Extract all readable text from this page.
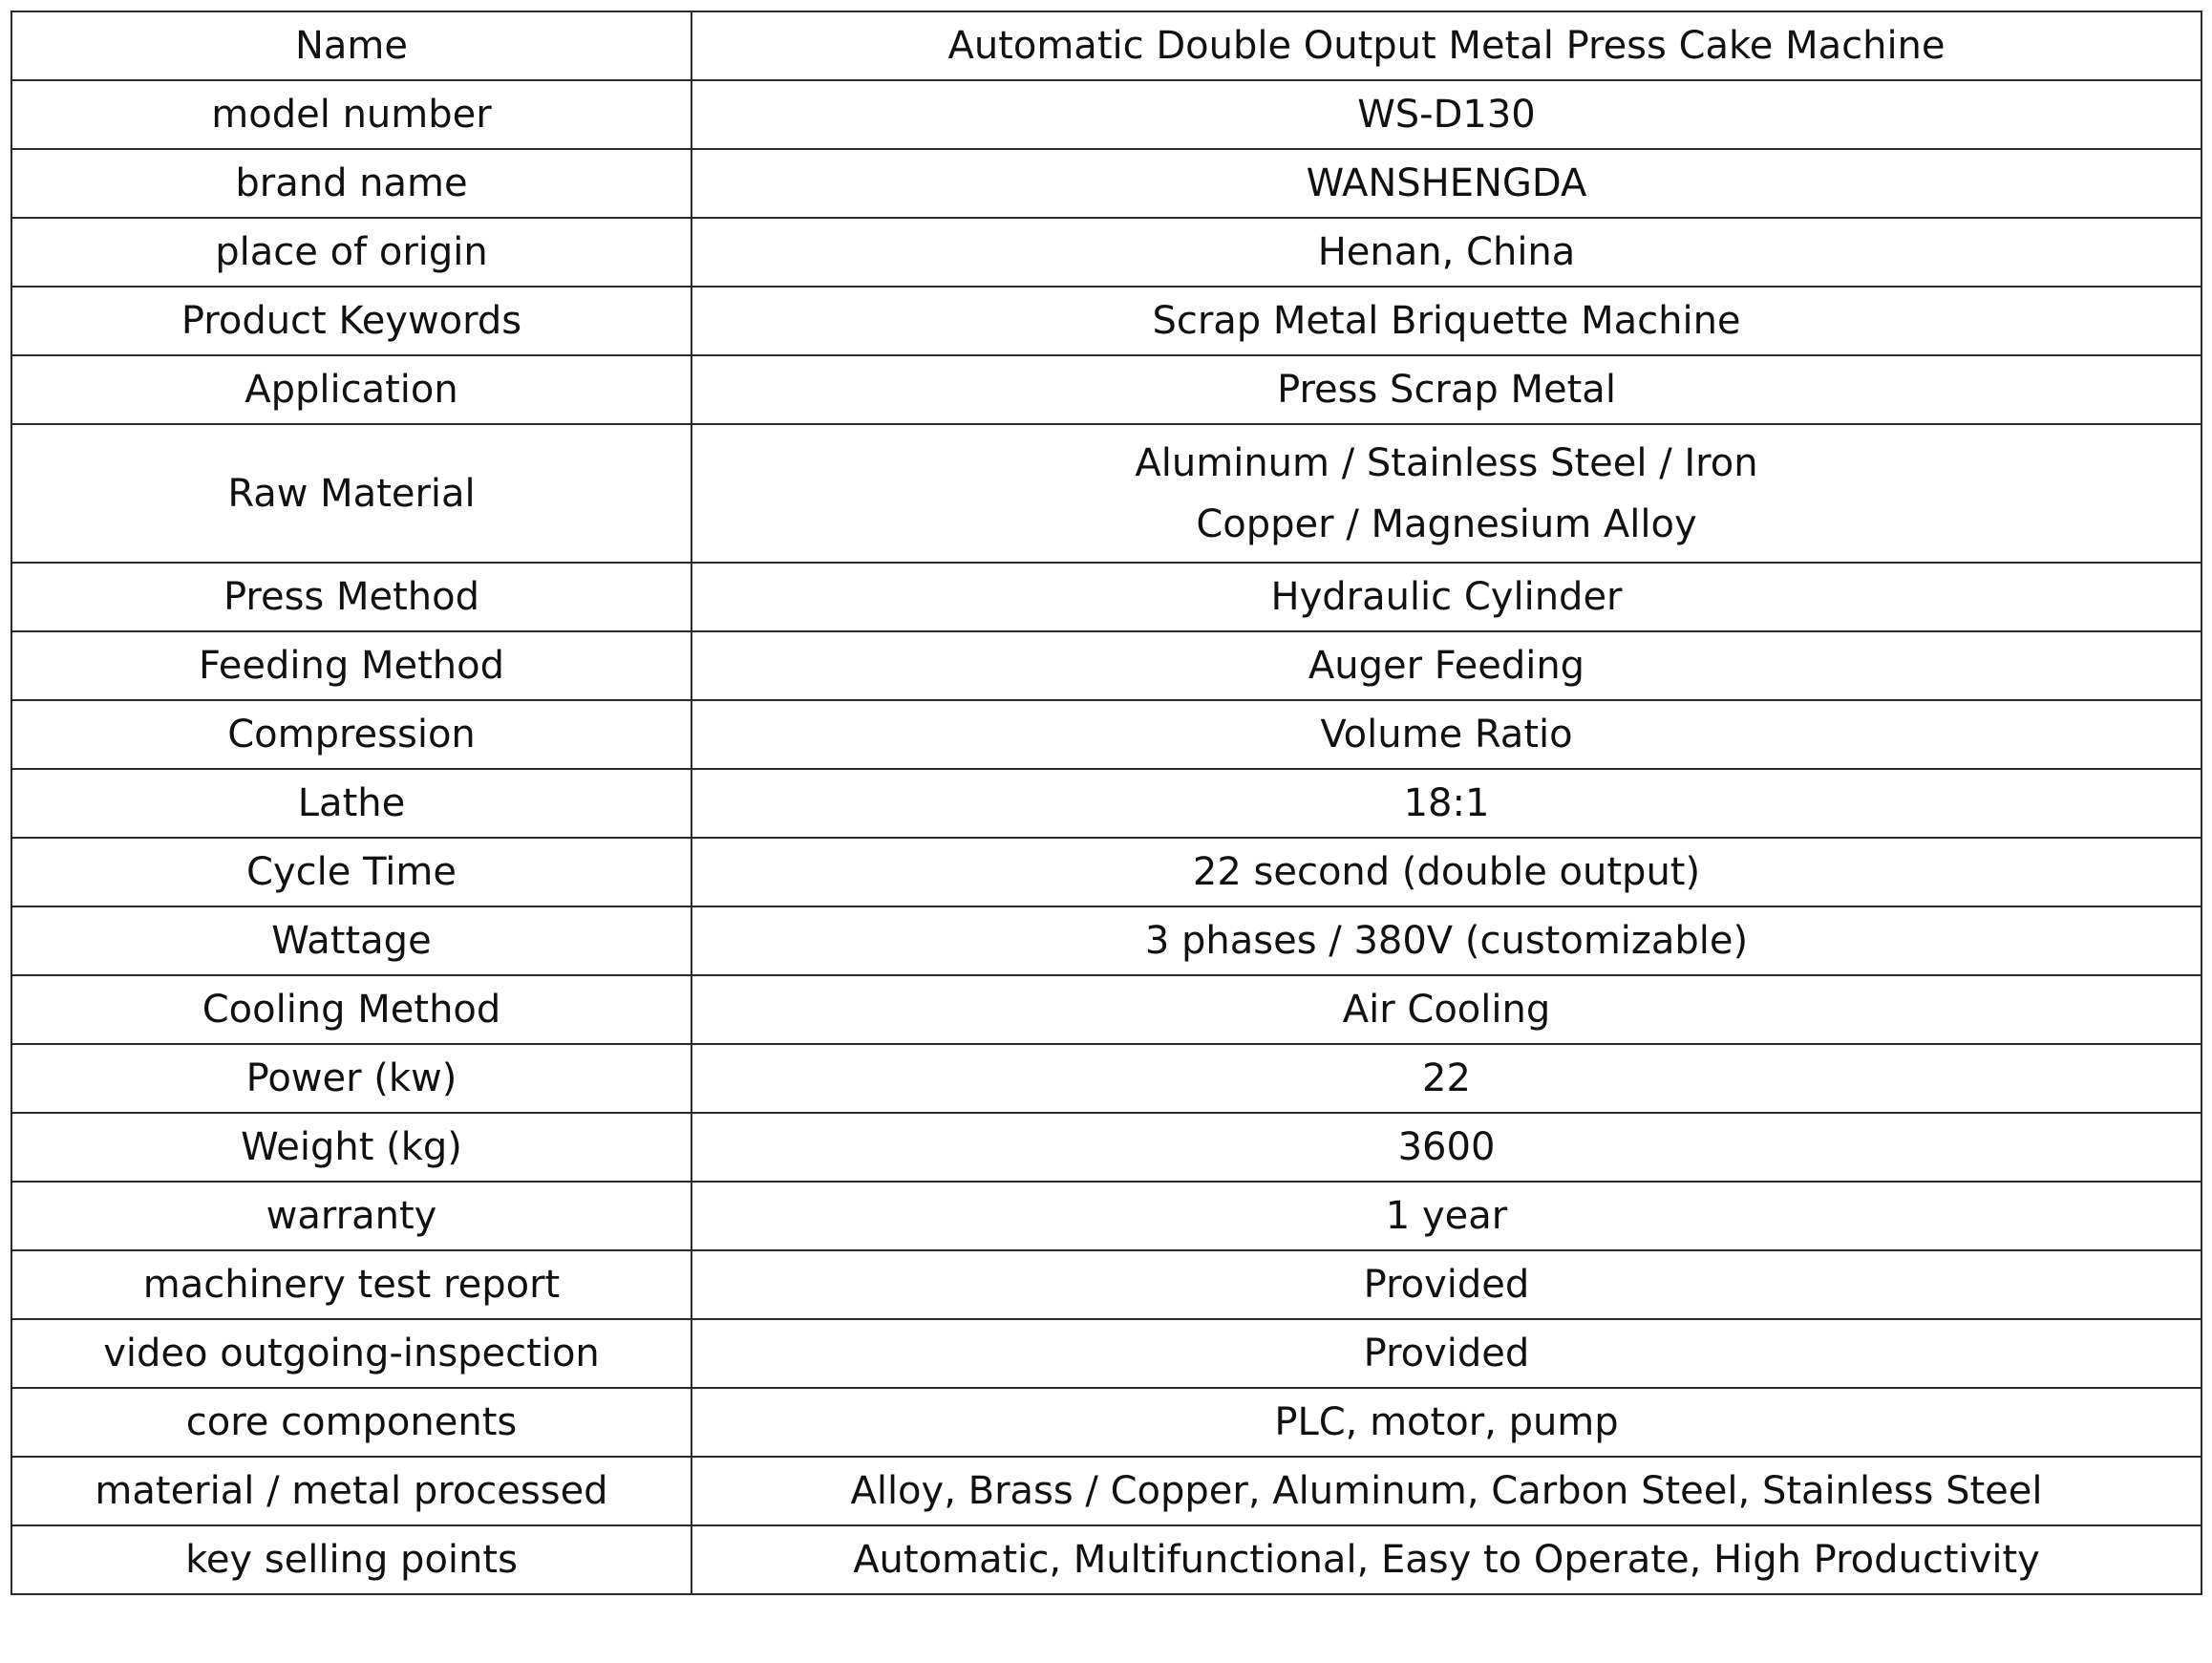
Name	Automatic Double Output Metal Press Cake Machine
model number	WS-D130
brand name	WANSHENGDA
place of origin	Henan, China
Product Keywords	Scrap Metal Briquette Machine
Application	Press Scrap Metal
Raw Material	Aluminum / Stainless Steel / Iron
Copper / Magnesium Alloy

Press Method	Hydraulic Cylinder
Feeding Method	Auger Feeding
Compression	Volume Ratio
Lathe	18:1
Cycle Time	22 second (double output)
Wattage	3 phases / 380V (customizable)
Cooling Method	Air Cooling
Power (kw)	22
Weight (kg)	3600
warranty	1 year
machinery test report	Provided
video outgoing-inspection	Provided
core components	PLC, motor, pump
material / metal processed	Alloy, Brass / Copper, Aluminum, Carbon Steel, Stainless Steel
key selling points	Automatic, Multifunctional, Easy to Operate, High Productivity
